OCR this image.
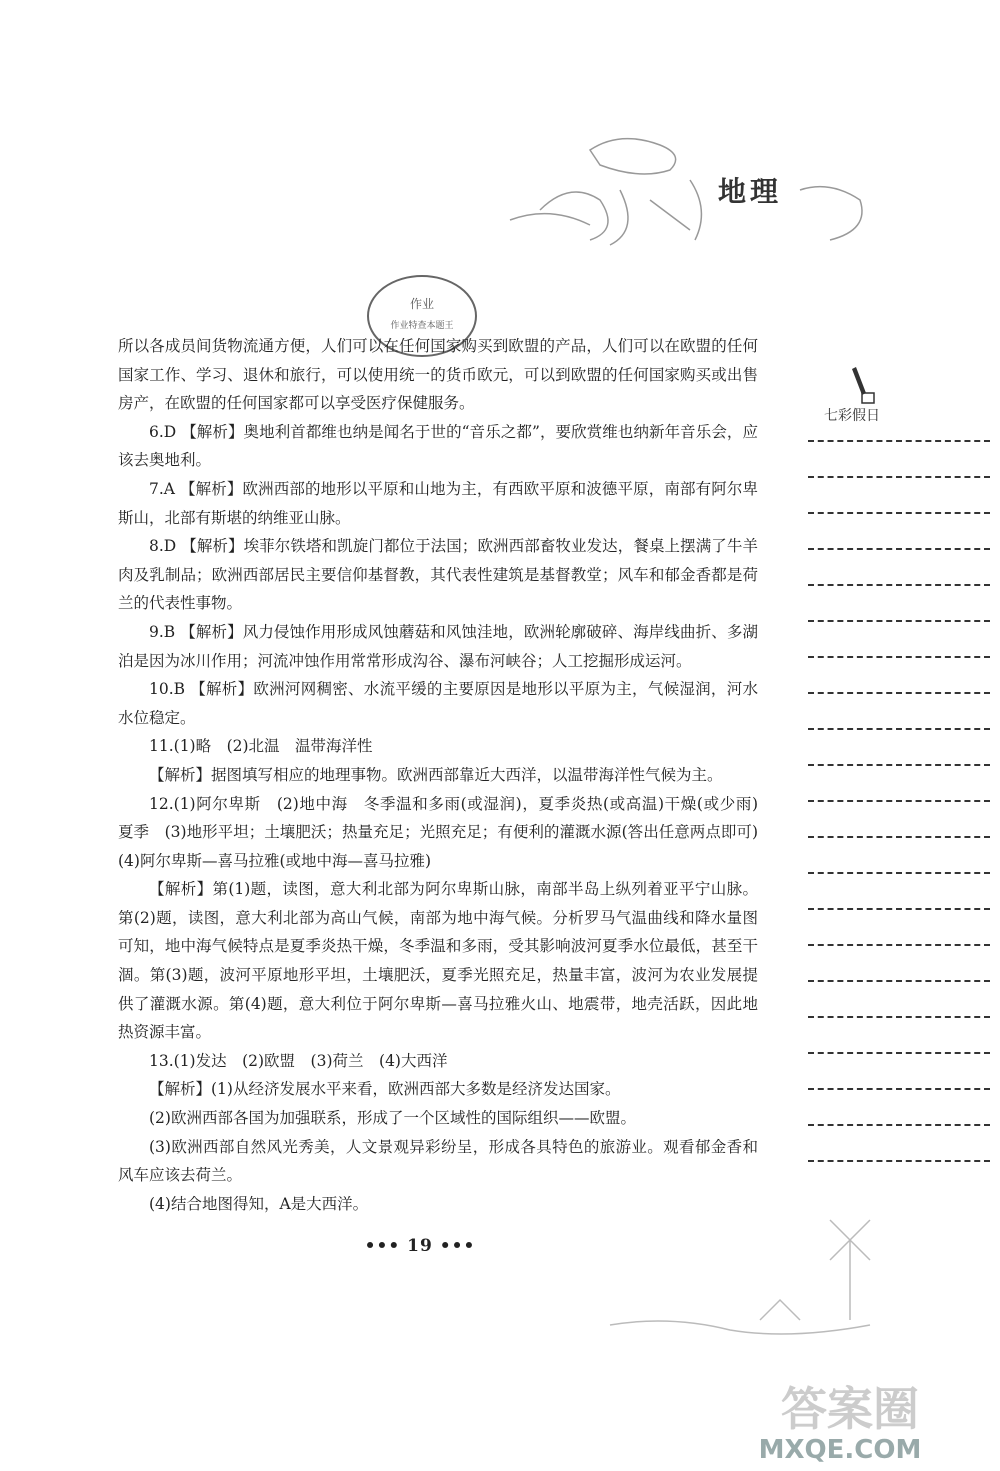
地理
作业
作业特查本题王

所以各成员间货物流通方便，人们可以在任何国家购买到欧盟的产品，人们可以在欧盟的任何国家工作、学习、退休和旅行，可以使用统一的货币欧元，可以到欧盟的任何国家购买或出售房产，在欧盟的任何国家都可以享受医疗保健服务。

6.D 【解析】奥地利首都维也纳是闻名于世的“音乐之都”，要欣赏维也纳新年音乐会，应该去奥地利。

7.A 【解析】欧洲西部的地形以平原和山地为主，有西欧平原和波德平原，南部有阿尔卑斯山，北部有斯堪的纳维亚山脉。

8.D 【解析】埃菲尔铁塔和凯旋门都位于法国；欧洲西部畜牧业发达，餐桌上摆满了牛羊肉及乳制品；欧洲西部居民主要信仰基督教，其代表性建筑是基督教堂；风车和郁金香都是荷兰的代表性事物。

9.B 【解析】风力侵蚀作用形成风蚀蘑菇和风蚀洼地，欧洲轮廓破碎、海岸线曲折、多湖泊是因为冰川作用；河流冲蚀作用常常形成沟谷、瀑布河峡谷；人工挖掘形成运河。

10.B 【解析】欧洲河网稠密、水流平缓的主要原因是地形以平原为主，气候湿润，河水水位稳定。

11.(1)略　(2)北温　温带海洋性

【解析】据图填写相应的地理事物。欧洲西部靠近大西洋，以温带海洋性气候为主。

12.(1)阿尔卑斯　(2)地中海　冬季温和多雨(或湿润)，夏季炎热(或高温)干燥(或少雨)　夏季　(3)地形平坦；土壤肥沃；热量充足；光照充足；有便利的灌溉水源(答出任意两点即可)　(4)阿尔卑斯—喜马拉雅(或地中海—喜马拉雅)

【解析】第(1)题，读图，意大利北部为阿尔卑斯山脉，南部半岛上纵列着亚平宁山脉。第(2)题，读图，意大利北部为高山气候，南部为地中海气候。分析罗马气温曲线和降水量图可知，地中海气候特点是夏季炎热干燥，冬季温和多雨，受其影响波河夏季水位最低，甚至干涸。第(3)题，波河平原地形平坦，土壤肥沃，夏季光照充足，热量丰富，波河为农业发展提供了灌溉水源。第(4)题，意大利位于阿尔卑斯—喜马拉雅火山、地震带，地壳活跃，因此地热资源丰富。

13.(1)发达　(2)欧盟　(3)荷兰　(4)大西洋

【解析】(1)从经济发展水平来看，欧洲西部大多数是经济发达国家。

(2)欧洲西部各国为加强联系，形成了一个区域性的国际组织——欧盟。

(3)欧洲西部自然风光秀美，人文景观异彩纷呈，形成各具特色的旅游业。观看郁金香和风车应该去荷兰。

(4)结合地图得知，A是大西洋。

七彩假日
••• 19 •••
MXQE.COM
答案圈
